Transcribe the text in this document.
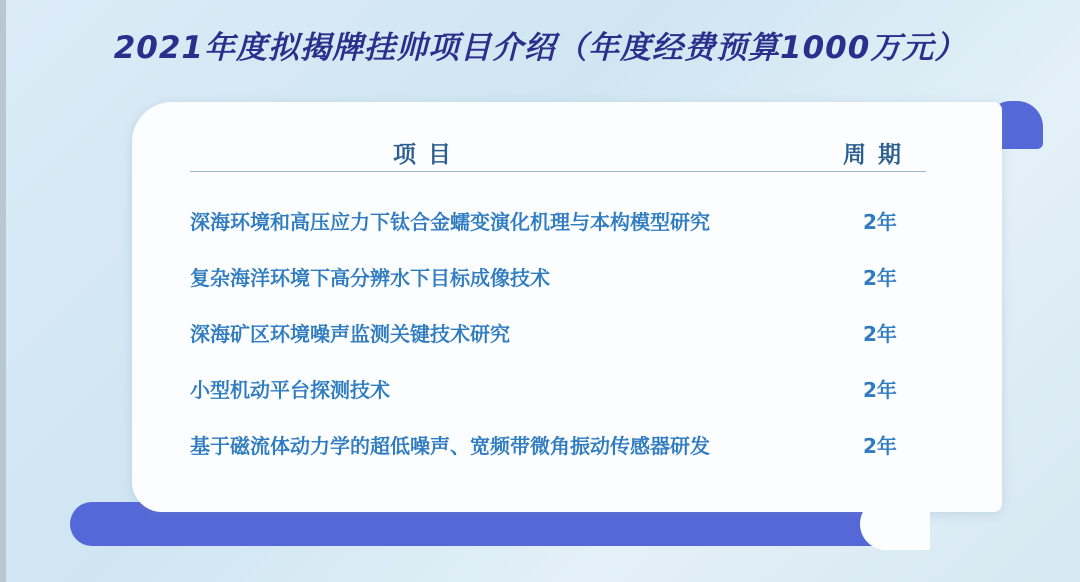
2021年度拟揭牌挂帅项目介绍（年度经费预算1000万元）
项目	周期
深海环境和高压应力下钛合金蠕变演化机理与本构模型研究	2年
复杂海洋环境下高分辨水下目标成像技术	2年
深海矿区环境噪声监测关键技术研究	2年
小型机动平台探测技术	2年
基于磁流体动力学的超低噪声、宽频带微角振动传感器研发	2年
